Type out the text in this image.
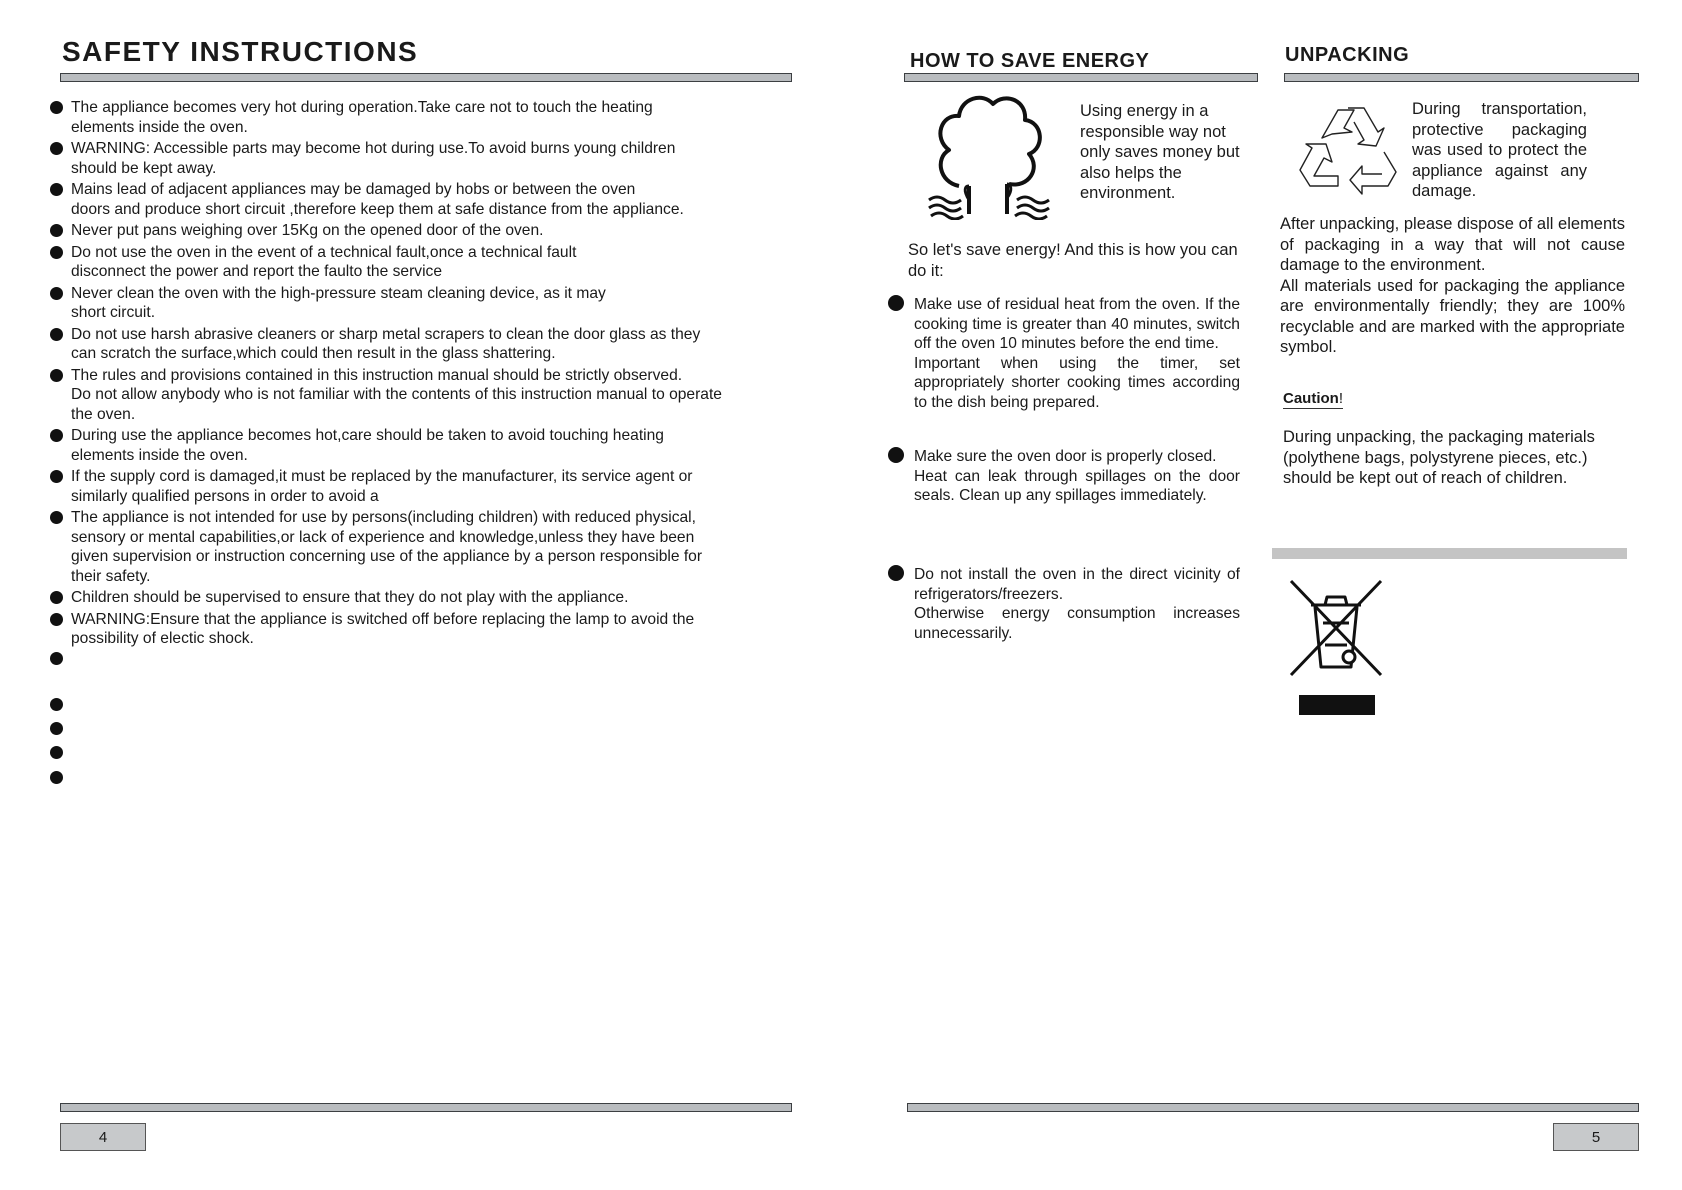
SAFETY INSTRUCTIONS
The appliance becomes very hot during operation.Take care not to touch the heating
elements inside the oven.
WARNING: Accessible parts may become hot during use.To avoid burns young children
should be kept away.
Mains lead of adjacent appliances may be damaged by hobs or between the oven
doors and produce short circuit ,therefore keep them at safe distance from the appliance.
Never put pans weighing over 15Kg on the opened door of the oven.
Do not use the oven in the event of a technical fault,once a technical fault
disconnect the power and report the faulto the service
Never clean the oven with the high-pressure steam cleaning device, as it may
short circuit.
Do not use harsh abrasive cleaners or sharp metal scrapers to clean the door glass as they
can scratch the surface,which could then result in the glass shattering.
The rules and provisions contained in this instruction manual should be strictly observed.
Do not allow anybody who is not familiar with the contents of this instruction manual to operate
the oven.
During use the appliance becomes hot,care should be taken to avoid touching heating
elements inside the oven.
If the supply cord is damaged,it must be replaced by the manufacturer, its service agent or
similarly qualified persons in order to avoid a
The appliance is not intended for use by persons(including children) with reduced physical,
sensory or mental capabilities,or lack of experience and knowledge,unless they have been
given supervision or instruction concerning use of the appliance by a person responsible for
their safety.
Children should be supervised to ensure that they do not play with the appliance.
WARNING:Ensure that the appliance is switched off before replacing the lamp to avoid the
possibility of electic shock.
4
HOW TO SAVE ENERGY
Using energy in a responsible way not only saves money but also helps the environment.
So let's save energy! And this is how you can do it:

Make use of residual heat from the oven. If the cooking time is greater than 40 minutes, switch off the oven 10 minutes before the end time.
Important when using the timer, set appropriately shorter cooking times according to the dish being prepared.

Make sure the oven door is properly closed.
Heat can leak through spillages on the door seals. Clean up any spillages immediately.

Do not install the oven in the direct vicinity of refrigerators/freezers.
Otherwise energy consumption increases unnecessarily.

UNPACKING
During transportation, protective packaging was used to protect the appliance against any damage.
After unpacking, please dispose of all elements of packaging in a way that will not cause damage to the environment.
All materials used for packaging the appliance are environmentally friendly; they are 100% recyclable and are marked with the appropriate symbol.
Caution!
During unpacking, the packaging materials (polythene bags, polystyrene pieces, etc.) should be kept out of reach of children.
5
